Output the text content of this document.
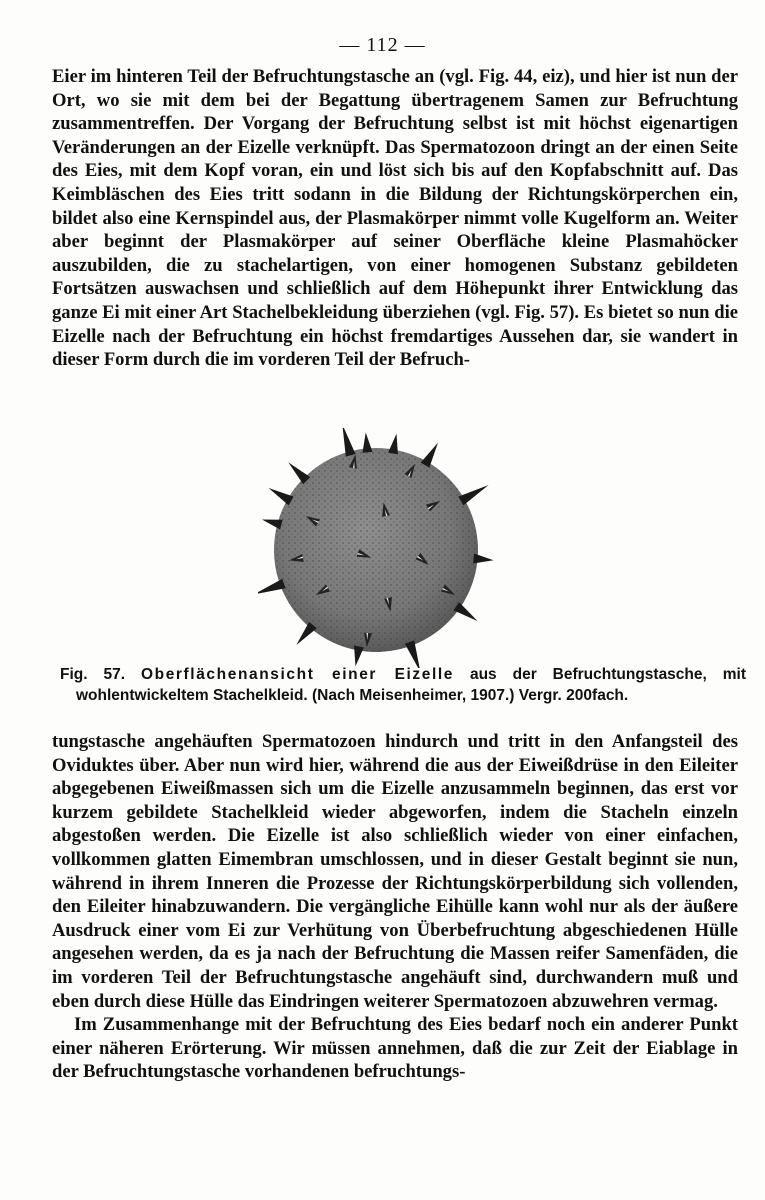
— 112 —

Eier im hinteren Teil der Befruchtungstasche an (vgl. Fig. 44, eiz), und hier ist nun der Ort, wo sie mit dem bei der Begattung übertragenem Samen zur Befruchtung zusammentreffen. Der Vorgang der Befruchtung selbst ist mit höchst eigenartigen Veränderungen an der Eizelle verknüpft. Das Spermatozoon dringt an der einen Seite des Eies, mit dem Kopf voran, ein und löst sich bis auf den Kopfabschnitt auf. Das Keimbläschen des Eies tritt sodann in die Bildung der Richtungskörperchen ein, bildet also eine Kernspindel aus, der Plasmakörper nimmt volle Kugelform an. Weiter aber beginnt der Plasmakörper auf seiner Oberfläche kleine Plasmahöcker auszubilden, die zu stachelartigen, von einer homogenen Substanz gebildeten Fortsätzen auswachsen und schließlich auf dem Höhepunkt ihrer Entwicklung das ganze Ei mit einer Art Stachelbekleidung überziehen (vgl. Fig. 57). Es bietet so nun die Eizelle nach der Befruchtung ein höchst fremdartiges Aussehen dar, sie wandert in dieser Form durch die im vorderen Teil der Befruch-

Fig. 57. Oberflächenansicht einer Eizelle aus der Befruchtungstasche, mit
wohlentwickeltem Stachelkleid. (Nach Meisenheimer, 1907.) Vergr. 200fach.

tungstasche angehäuften Spermatozoen hindurch und tritt in den Anfangsteil des Oviduktes über. Aber nun wird hier, während die aus der Eiweißdrüse in den Eileiter abgegebenen Eiweißmassen sich um die Eizelle anzusammeln beginnen, das erst vor kurzem gebildete Stachelkleid wieder abgeworfen, indem die Stacheln einzeln abgestoßen werden. Die Eizelle ist also schließlich wieder von einer einfachen, vollkommen glatten Eimembran umschlossen, und in dieser Gestalt beginnt sie nun, während in ihrem Inneren die Prozesse der Richtungskörperbildung sich vollenden, den Eileiter hinabzuwandern. Die vergängliche Eihülle kann wohl nur als der äußere Ausdruck einer vom Ei zur Verhütung von Überbefruchtung abgeschiedenen Hülle angesehen werden, da es ja nach der Befruchtung die Massen reifer Samenfäden, die im vorderen Teil der Befruchtungstasche angehäuft sind, durchwandern muß und eben durch diese Hülle das Eindringen weiterer Spermatozoen abzuwehren vermag.

Im Zusammenhange mit der Befruchtung des Eies bedarf noch ein anderer Punkt einer näheren Erörterung. Wir müssen annehmen, daß die zur Zeit der Eiablage in der Befruchtungstasche vorhandenen befruchtungs-
